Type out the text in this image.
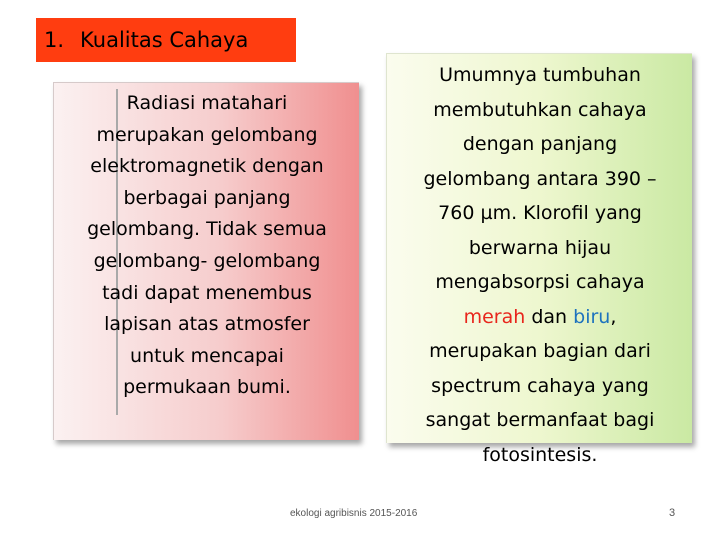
1. Kualitas Cahaya
Radiasi matahari
merupakan gelombang
elektromagnetik dengan
berbagai panjang
gelombang. Tidak semua
gelombang- gelombang
tadi dapat menembus
lapisan atas atmosfer
untuk mencapai
permukaan bumi.
Umumnya tumbuhan
membutuhkan cahaya
dengan panjang
gelombang antara 390 –
760 µm. Klorofil yang
berwarna hijau
mengabsorpsi cahaya
merah dan biru,
merupakan bagian dari
spectrum cahaya yang
sangat bermanfaat bagi
fotosintesis.
ekologi agribisnis 2015-2016	3
